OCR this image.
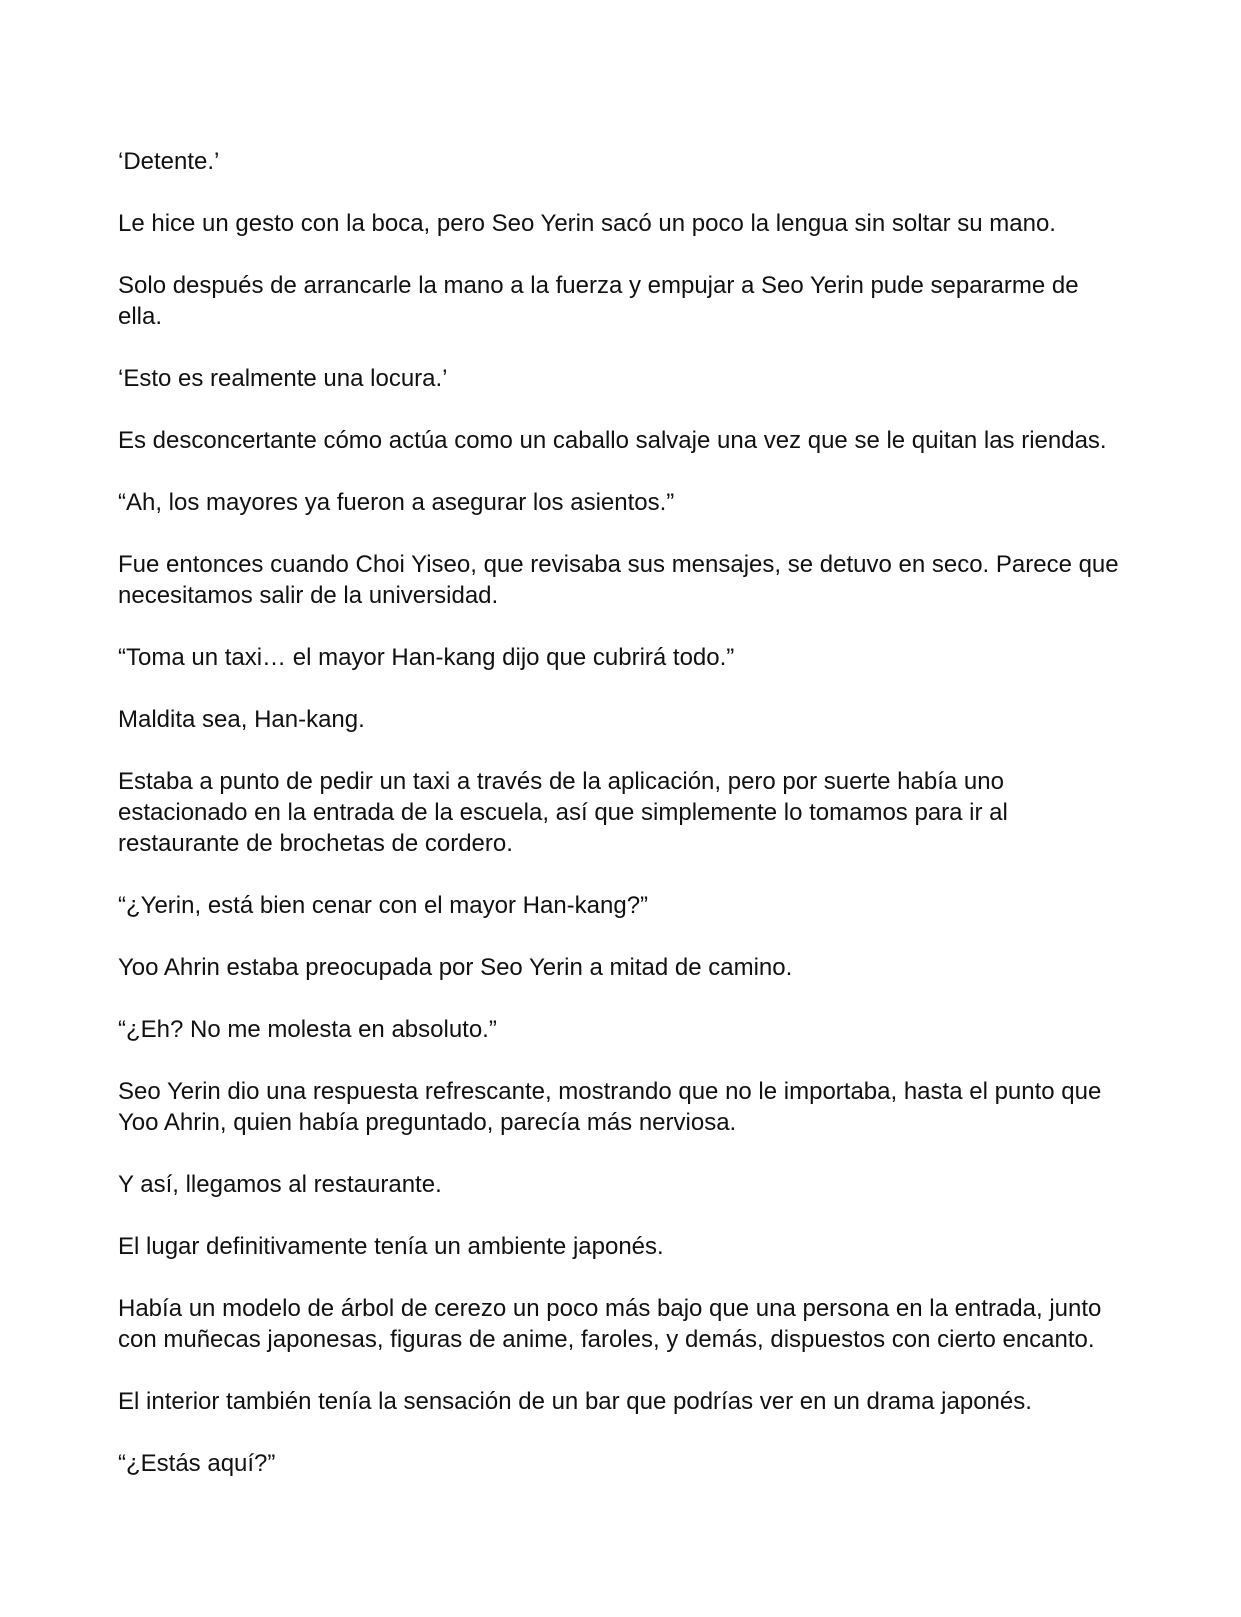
‘Detente.’

Le hice un gesto con la boca, pero Seo Yerin sacó un poco la lengua sin soltar su mano.

Solo después de arrancarle la mano a la fuerza y empujar a Seo Yerin pude separarme de ella.

‘Esto es realmente una locura.’

Es desconcertante cómo actúa como un caballo salvaje una vez que se le quitan las riendas.

“Ah, los mayores ya fueron a asegurar los asientos.”

Fue entonces cuando Choi Yiseo, que revisaba sus mensajes, se detuvo en seco. Parece que necesitamos salir de la universidad.

“Toma un taxi… el mayor Han-kang dijo que cubrirá todo.”

Maldita sea, Han-kang.

Estaba a punto de pedir un taxi a través de la aplicación, pero por suerte había uno estacionado en la entrada de la escuela, así que simplemente lo tomamos para ir al restaurante de brochetas de cordero.

“¿Yerin, está bien cenar con el mayor Han-kang?”

Yoo Ahrin estaba preocupada por Seo Yerin a mitad de camino.

“¿Eh? No me molesta en absoluto.”

Seo Yerin dio una respuesta refrescante, mostrando que no le importaba, hasta el punto que Yoo Ahrin, quien había preguntado, parecía más nerviosa.

Y así, llegamos al restaurante.

El lugar definitivamente tenía un ambiente japonés.

Había un modelo de árbol de cerezo un poco más bajo que una persona en la entrada, junto con muñecas japonesas, figuras de anime, faroles, y demás, dispuestos con cierto encanto.

El interior también tenía la sensación de un bar que podrías ver en un drama japonés.

“¿Estás aquí?”
